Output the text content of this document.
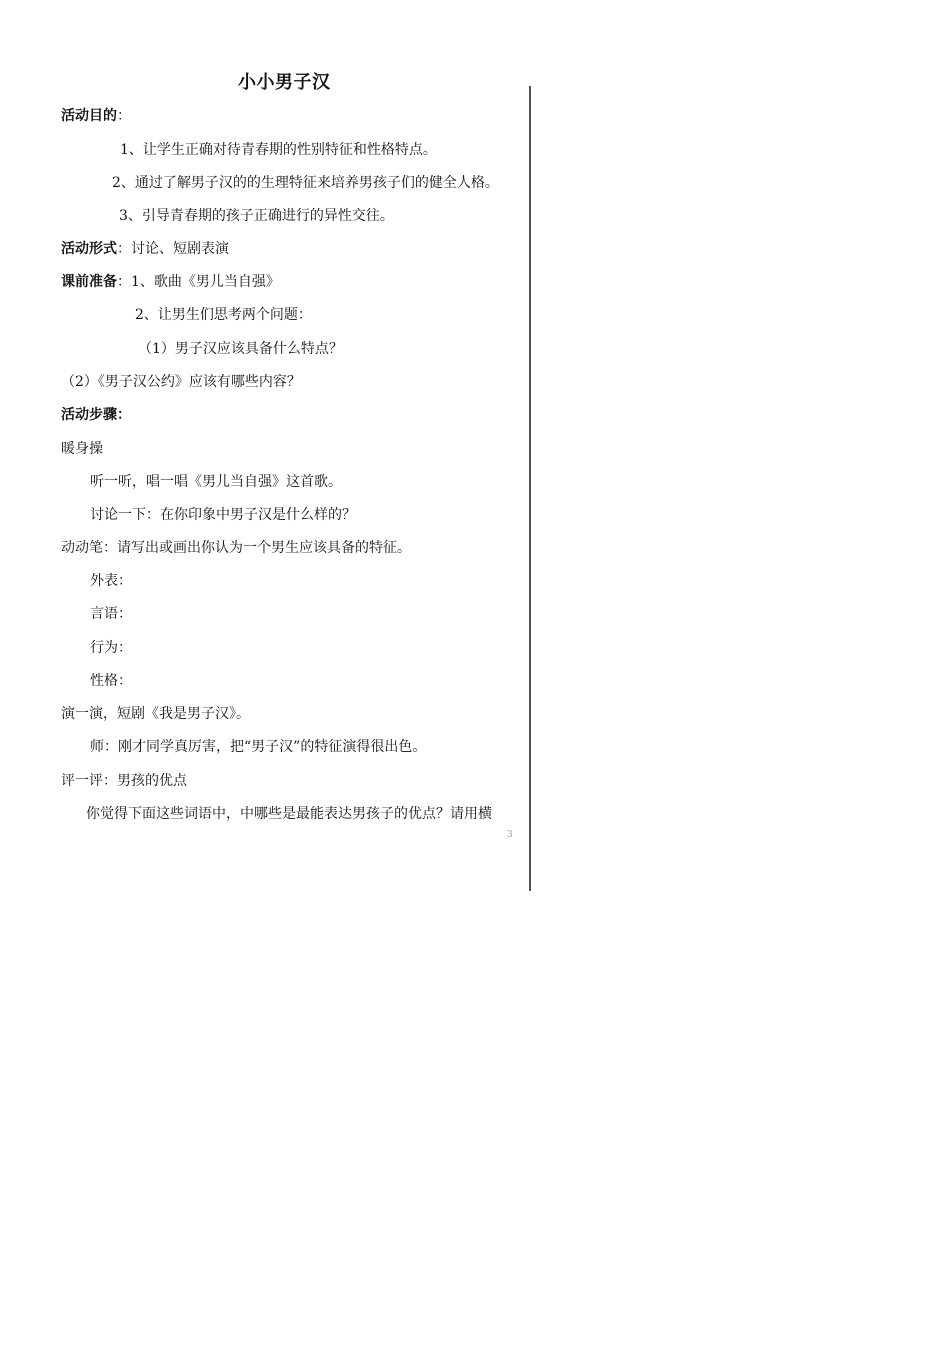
小小男子汉
活动目的：
1、让学生正确对待青春期的性别特征和性格特点。
2、通过了解男子汉的的生理特征来培养男孩子们的健全人格。
3、引导青春期的孩子正确进行的异性交往。
活动形式：讨论、短剧表演
课前准备：1、歌曲《男儿当自强》
2、让男生们思考两个问题：
（1）男子汉应该具备什么特点？
（2）《男子汉公约》应该有哪些内容？
活动步骤：
暖身操
听一听，唱一唱《男儿当自强》这首歌。
讨论一下：在你印象中男子汉是什么样的？
动动笔：请写出或画出你认为一个男生应该具备的特征。
外表：
言语：
行为：
性格：
演一演，短剧《我是男子汉》。
师：刚才同学真厉害，把“男子汉”的特征演得很出色。
评一评：男孩的优点
你觉得下面这些词语中，中哪些是最能表达男孩子的优点？请用横
3
